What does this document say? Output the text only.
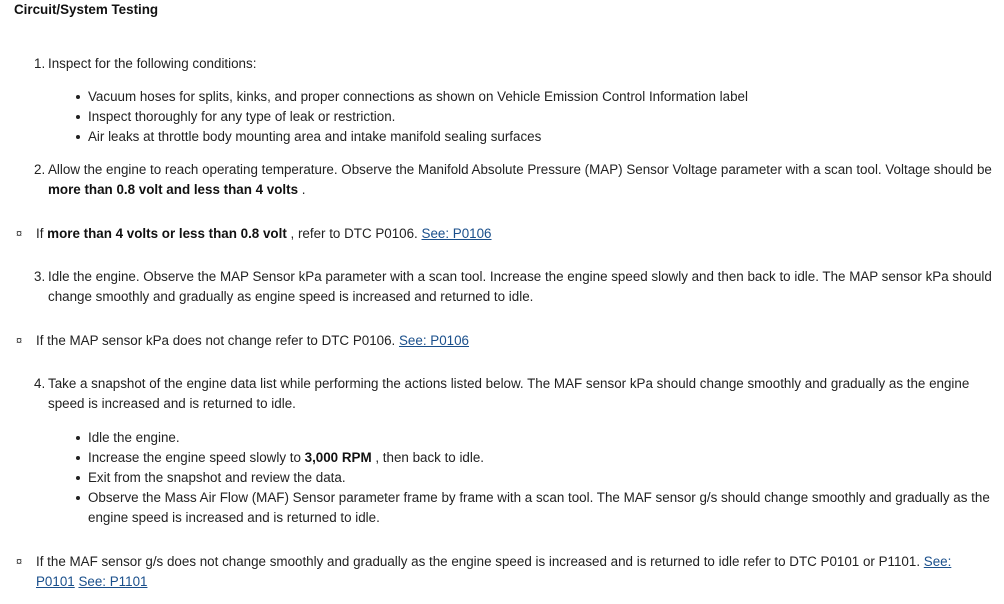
Circuit/System Testing
1. Inspect for the following conditions:
Vacuum hoses for splits, kinks, and proper connections as shown on Vehicle Emission Control Information label
Inspect thoroughly for any type of leak or restriction.
Air leaks at throttle body mounting area and intake manifold sealing surfaces
2. Allow the engine to reach operating temperature. Observe the Manifold Absolute Pressure (MAP) Sensor Voltage parameter with a scan tool. Voltage should be more than 0.8 volt and less than 4 volts .
¤ If more than 4 volts or less than 0.8 volt , refer to DTC P0106. See: P0106
3. Idle the engine. Observe the MAP Sensor kPa parameter with a scan tool. Increase the engine speed slowly and then back to idle. The MAP sensor kPa should change smoothly and gradually as engine speed is increased and returned to idle.
¤ If the MAP sensor kPa does not change refer to DTC P0106. See: P0106
4. Take a snapshot of the engine data list while performing the actions listed below. The MAF sensor kPa should change smoothly and gradually as the engine speed is increased and is returned to idle.
Idle the engine.
Increase the engine speed slowly to 3,000 RPM , then back to idle.
Exit from the snapshot and review the data.
Observe the Mass Air Flow (MAF) Sensor parameter frame by frame with a scan tool. The MAF sensor g/s should change smoothly and gradually as the engine speed is increased and is returned to idle.
¤ If the MAF sensor g/s does not change smoothly and gradually as the engine speed is increased and is returned to idle refer to DTC P0101 or P1101. See: P0101 See: P1101
